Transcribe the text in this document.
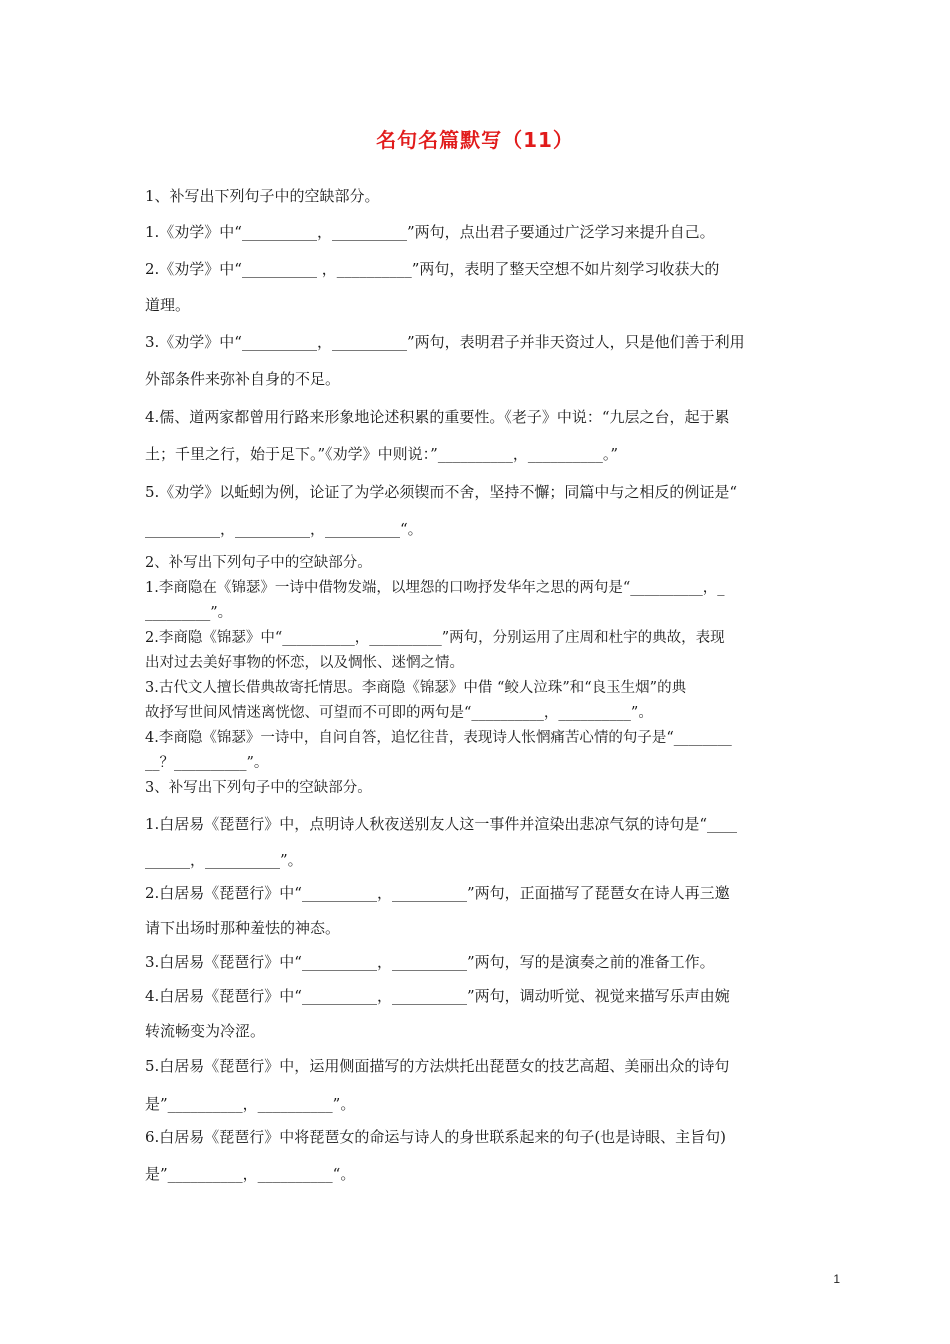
名句名篇默写（11）
1、补写出下列句子中的空缺部分。
1.《劝学》中“__________，__________”两句，点出君子要通过广泛学习来提升自己。
2.《劝学》中“__________ ，__________”两句，表明了整天空想不如片刻学习收获大的
道理。
3.《劝学》中“__________，__________”两句，表明君子并非天资过人，只是他们善于利用
外部条件来弥补自身的不足。
4.儒、道两家都曾用行路来形象地论述积累的重要性。《老子》中说：“九层之台，起于累
土；千里之行，始于足下。”《劝学》中则说：”__________，__________。”
5.《劝学》以蚯蚓为例，论证了为学必须锲而不舍，坚持不懈；同篇中与之相反的例证是“
__________，__________，__________“。
2、补写出下列句子中的空缺部分。
1.李商隐在《锦瑟》一诗中借物发端，以埋怨的口吻抒发华年之思的两句是“__________，_
_________”。
2.李商隐《锦瑟》中“__________，__________”两句，分别运用了庄周和杜宇的典故，表现
出对过去美好事物的怀恋，以及惆怅、迷惘之情。
3.古代文人擅长借典故寄托情思。李商隐《锦瑟》中借 “鲛人泣珠”和“良玉生烟”的典
故抒写世间风情迷离恍惚、可望而不可即的两句是“__________，__________”。
4.李商隐《锦瑟》一诗中，自问自答，追忆往昔，表现诗人怅惘痛苦心情的句子是“________
__？__________”。
3、补写出下列句子中的空缺部分。
1.白居易《琵琶行》中，点明诗人秋夜送别友人这一事件并渲染出悲凉气氛的诗句是“____
______，__________”。
2.白居易《琵琶行》中“__________，__________”两句，正面描写了琵琶女在诗人再三邀
请下出场时那种羞怯的神态。
3.白居易《琵琶行》中“__________，__________”两句，写的是演奏之前的准备工作。
4.白居易《琵琶行》中“__________，__________”两句，调动听觉、视觉来描写乐声由婉
转流畅变为冷涩。
5.白居易《琵琶行》中，运用侧面描写的方法烘托出琵琶女的技艺高超、美丽出众的诗句
是”__________，__________”。
6.白居易《琵琶行》中将琵琶女的命运与诗人的身世联系起来的句子(也是诗眼、主旨句)
是”__________，__________“。
1
